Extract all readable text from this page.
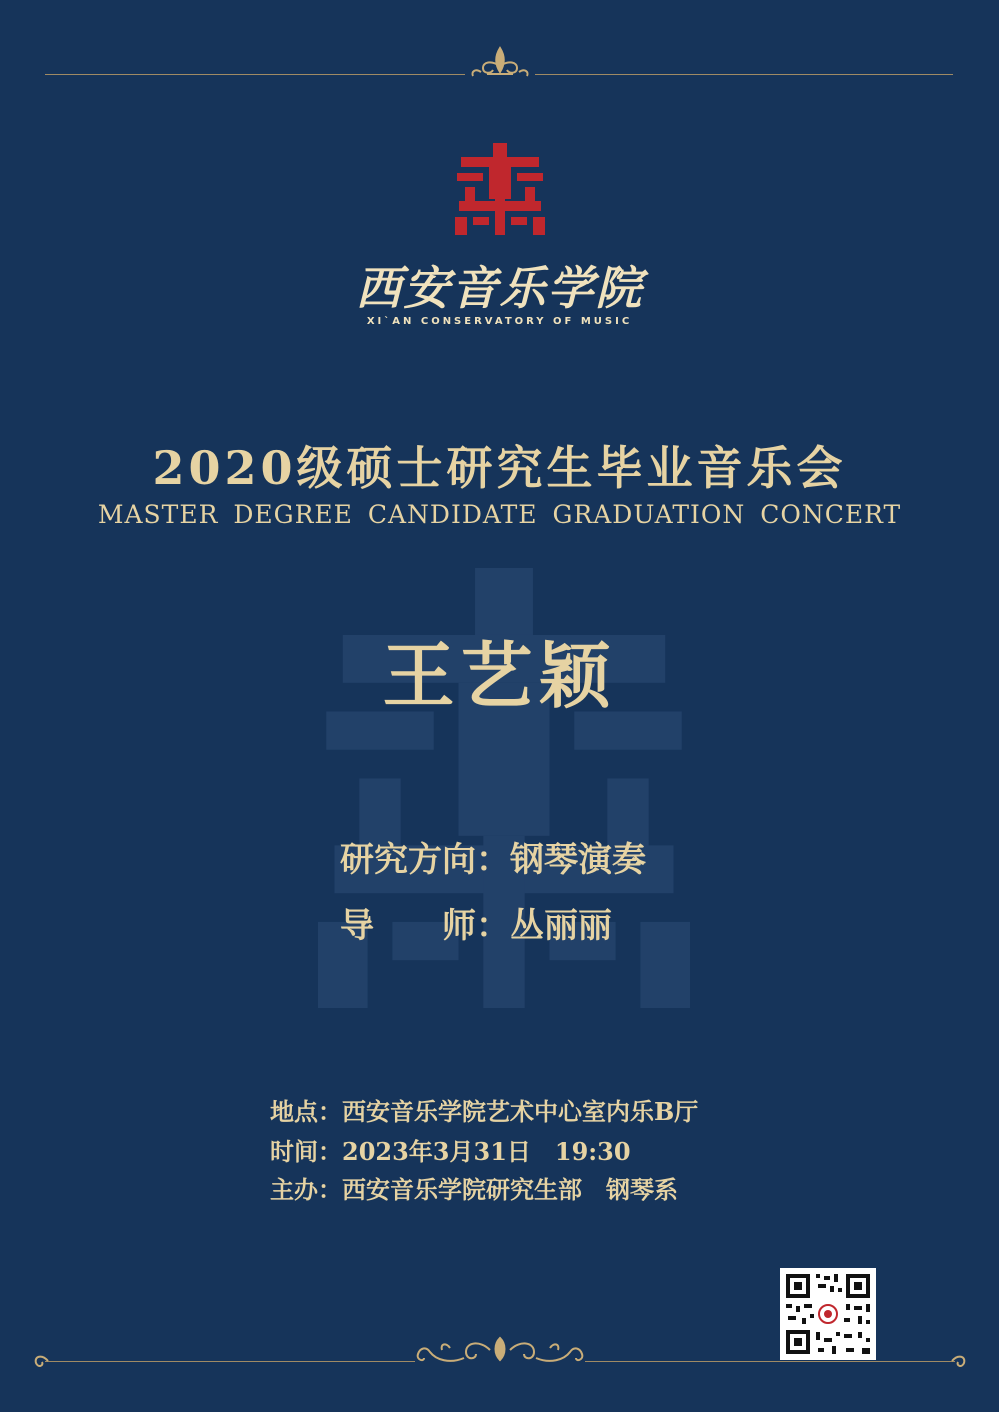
西安音乐学院
XI`AN CONSERVATORY OF MUSIC
2020级硕士研究生毕业音乐会
MASTER DEGREE CANDIDATE GRADUATION CONCERT
王艺颖
研究方向：钢琴演奏
导　　师：丛丽丽
地点：西安音乐学院艺术中心室内乐B厅
时间：2023年3月31日　19:30
主办：西安音乐学院研究生部　钢琴系
